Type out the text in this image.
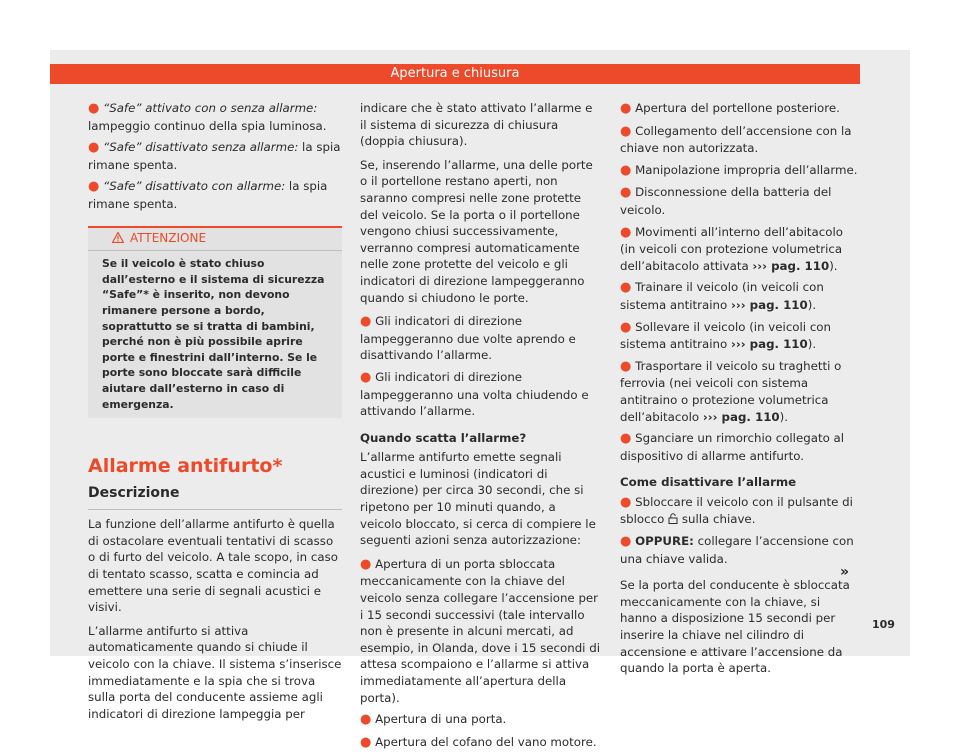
Apertura e chiusura

● “Safe” attivato con o senza allarme: lampeggio continuo della spia luminosa.

● “Safe” disattivato senza allarme: la spia rimane spenta.

● “Safe” disattivato con allarme: la spia rimane spenta.

ATTENZIONE
Se il veicolo è stato chiuso dall’esterno e il sistema di sicurezza “Safe”* è inserito, non devono rimanere persone a bordo, soprattutto se si tratta di bambini, perché non è più possibile aprire porte e finestrini dall’interno. Se le porte sono bloccate sarà difficile aiutare dall’esterno in caso di emergenza.
Allarme antifurto*
Descrizione

La funzione dell’allarme antifurto è quella di ostacolare eventuali tentativi di scasso o di furto del veicolo. A tale scopo, in caso di tentato scasso, scatta e comincia ad emettere una serie di segnali acustici e visivi.

L’allarme antifurto si attiva automaticamente quando si chiude il veicolo con la chiave. Il sistema s’inserisce immediatamente e la spia che si trova sulla porta del conducente assieme agli indicatori di direzione lampeggia per

indicare che è stato attivato l’allarme e il sistema di sicurezza di chiusura (doppia chiusura).

Se, inserendo l’allarme, una delle porte o il portellone restano aperti, non saranno compresi nelle zone protette del veicolo. Se la porta o il portellone vengono chiusi successivamente, verranno compresi automaticamente nelle zone protette del veicolo e gli indicatori di direzione lampeggeranno quando si chiudono le porte.

● Gli indicatori di direzione lampeggeranno due volte aprendo e disattivando l’allarme.

● Gli indicatori di direzione lampeggeranno una volta chiudendo e attivando l’allarme.

Quando scatta l’allarme?

L’allarme antifurto emette segnali acustici e luminosi (indicatori di direzione) per circa 30 secondi, che si ripetono per 10 minuti quando, a veicolo bloccato, si cerca di compiere le seguenti azioni senza autorizzazione:

● Apertura di un porta sbloccata meccanicamente con la chiave del veicolo senza collegare l’accensione per i 15 secondi successivi (tale intervallo non è presente in alcuni mercati, ad esempio, in Olanda, dove i 15 secondi di attesa scompaiono e l’allarme si attiva immediatamente all’apertura della porta).

● Apertura di una porta.

● Apertura del cofano del vano motore.

● Apertura del portellone posteriore.

● Collegamento dell’accensione con la chiave non autorizzata.

● Manipolazione impropria dell’allarme.

● Disconnessione della batteria del veicolo.

● Movimenti all’interno dell’abitacolo (in veicoli con protezione volumetrica dell’abitacolo attivata ››› pag. 110).

● Trainare il veicolo (in veicoli con sistema antitraino ››› pag. 110).

● Sollevare il veicolo (in veicoli con sistema antitraino ››› pag. 110).

● Trasportare il veicolo su traghetti o ferrovia (nei veicoli con sistema antitraino o protezione volumetrica dell’abitacolo ››› pag. 110).

● Sganciare un rimorchio collegato al dispositivo di allarme antifurto.

Come disattivare l’allarme

● Sbloccare il veicolo con il pulsante di sblocco  sulla chiave.

● OPPURE: collegare l’accensione con una chiave valida.

Se la porta del conducente è sbloccata meccanicamente con la chiave, si hanno a disposizione 15 secondi per inserire la chiave nel cilindro di accensione e attivare l’accensione da quando la porta è aperta.

»
109
